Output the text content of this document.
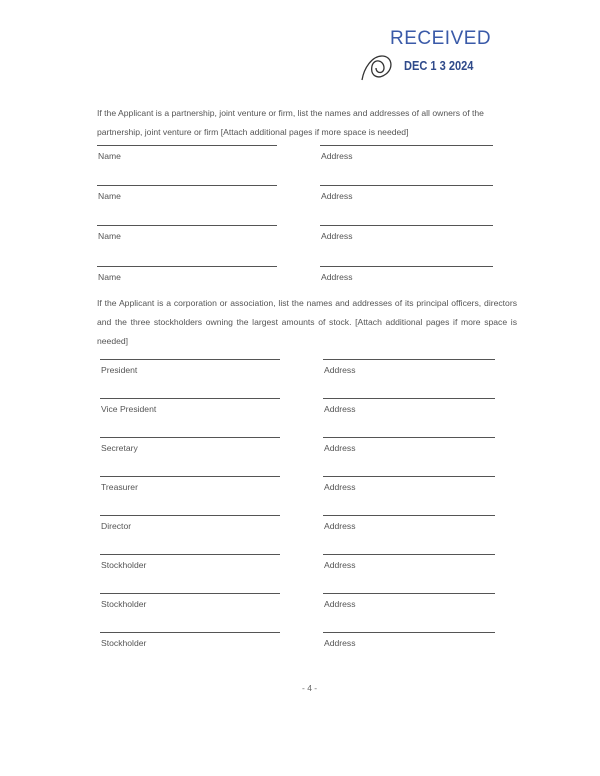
RECEIVED
DEC 1 3 2024
If the Applicant is a partnership, joint venture or firm, list the names and addresses of all owners of the partnership, joint venture or firm [Attach additional pages if more space is needed]
Name	Address
Name	Address
Name	Address
Name	Address
If the Applicant is a corporation or association, list the names and addresses of its principal officers, directors and the three stockholders owning the largest amounts of stock. [Attach additional pages if more space is needed]
President	Address
Vice President	Address
Secretary	Address
Treasurer	Address
Director	Address
Stockholder	Address
Stockholder	Address
Stockholder	Address
- 4 -
